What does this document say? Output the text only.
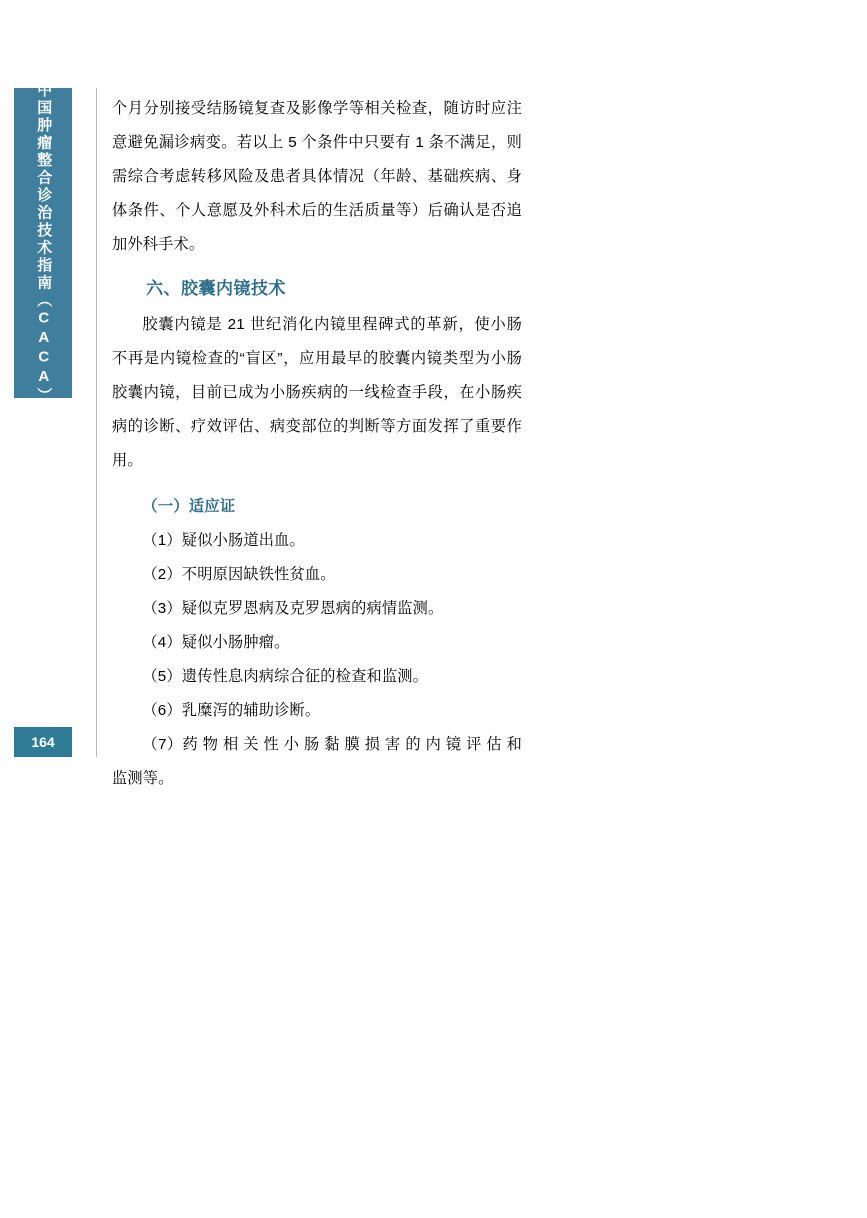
中国肿瘤整合诊治技术指南（CACA）
164

个月分别接受结肠镜复查及影像学等相关检查，随访时应注意避免漏诊病变。若以上 5 个条件中只要有 1 条不满足，则需综合考虑转移风险及患者具体情况（年龄、基础疾病、身体条件、个人意愿及外科术后的生活质量等）后确认是否追加外科手术。

六、胶囊内镜技术

胶囊内镜是 21 世纪消化内镜里程碑式的革新，使小肠不再是内镜检查的“盲区”，应用最早的胶囊内镜类型为小肠胶囊内镜，目前已成为小肠疾病的一线检查手段，在小肠疾病的诊断、疗效评估、病变部位的判断等方面发挥了重要作用。

（一）适应证
（1）疑似小肠道出血。
（2）不明原因缺铁性贫血。
（3）疑似克罗恩病及克罗恩病的病情监测。
（4）疑似小肠肿瘤。
（5）遗传性息肉病综合征的检查和监测。
（6）乳糜泻的辅助诊断。
（7）药 物 相 关 性 小 肠 黏 膜 损 害 的 内 镜 评 估 和 监测等。
